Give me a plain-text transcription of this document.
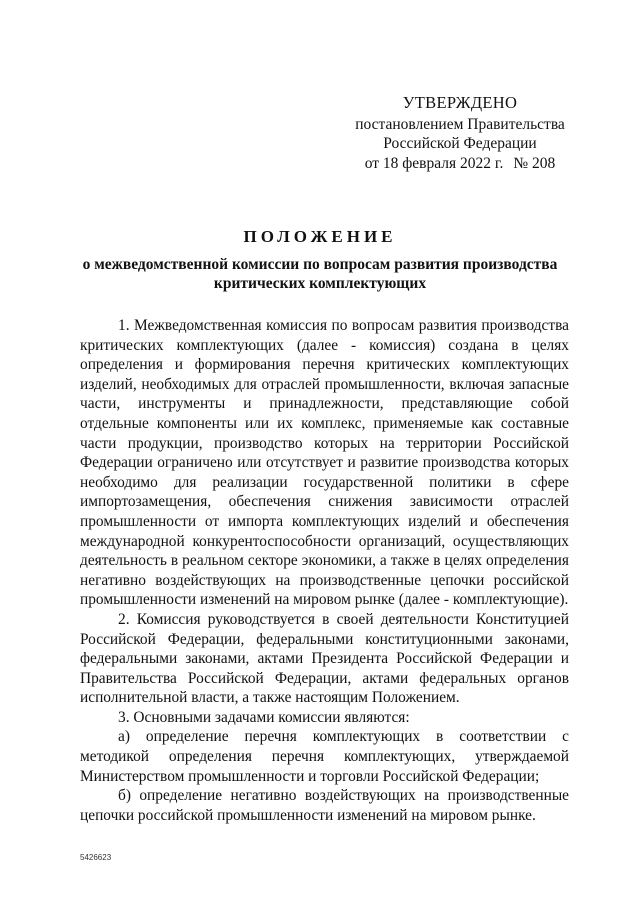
УТВЕРЖДЕНО
постановлением Правительства
Российской Федерации
от 18 февраля 2022 г. № 208
ПОЛОЖЕНИЕ
о межведомственной комиссии по вопросам развития производства критических комплектующих

1. Межведомственная комиссия по вопросам развития производства критических комплектующих (далее - комиссия) создана в целях определения и формирования перечня критических комплектующих изделий, необходимых для отраслей промышленности, включая запасные части, инструменты и принадлежности, представляющие собой отдельные компоненты или их комплекс, применяемые как составные части продукции, производство которых на территории Российской Федерации ограничено или отсутствует и развитие производства которых необходимо для реализации государственной политики в сфере импортозамещения, обеспечения снижения зависимости отраслей промышленности от импорта комплектующих изделий и обеспечения международной конкурентоспособности организаций, осуществляющих деятельность в реальном секторе экономики, а также в целях определения негативно воздействующих на производственные цепочки российской промышленности изменений на мировом рынке (далее - комплектующие).

2. Комиссия руководствуется в своей деятельности Конституцией Российской Федерации, федеральными конституционными законами, федеральными законами, актами Президента Российской Федерации и Правительства Российской Федерации, актами федеральных органов исполнительной власти, а также настоящим Положением.

3. Основными задачами комиссии являются:

а) определение перечня комплектующих в соответствии с методикой определения перечня комплектующих, утверждаемой Министерством промышленности и торговли Российской Федерации;

б) определение негативно воздействующих на производственные цепочки российской промышленности изменений на мировом рынке.

5426623
